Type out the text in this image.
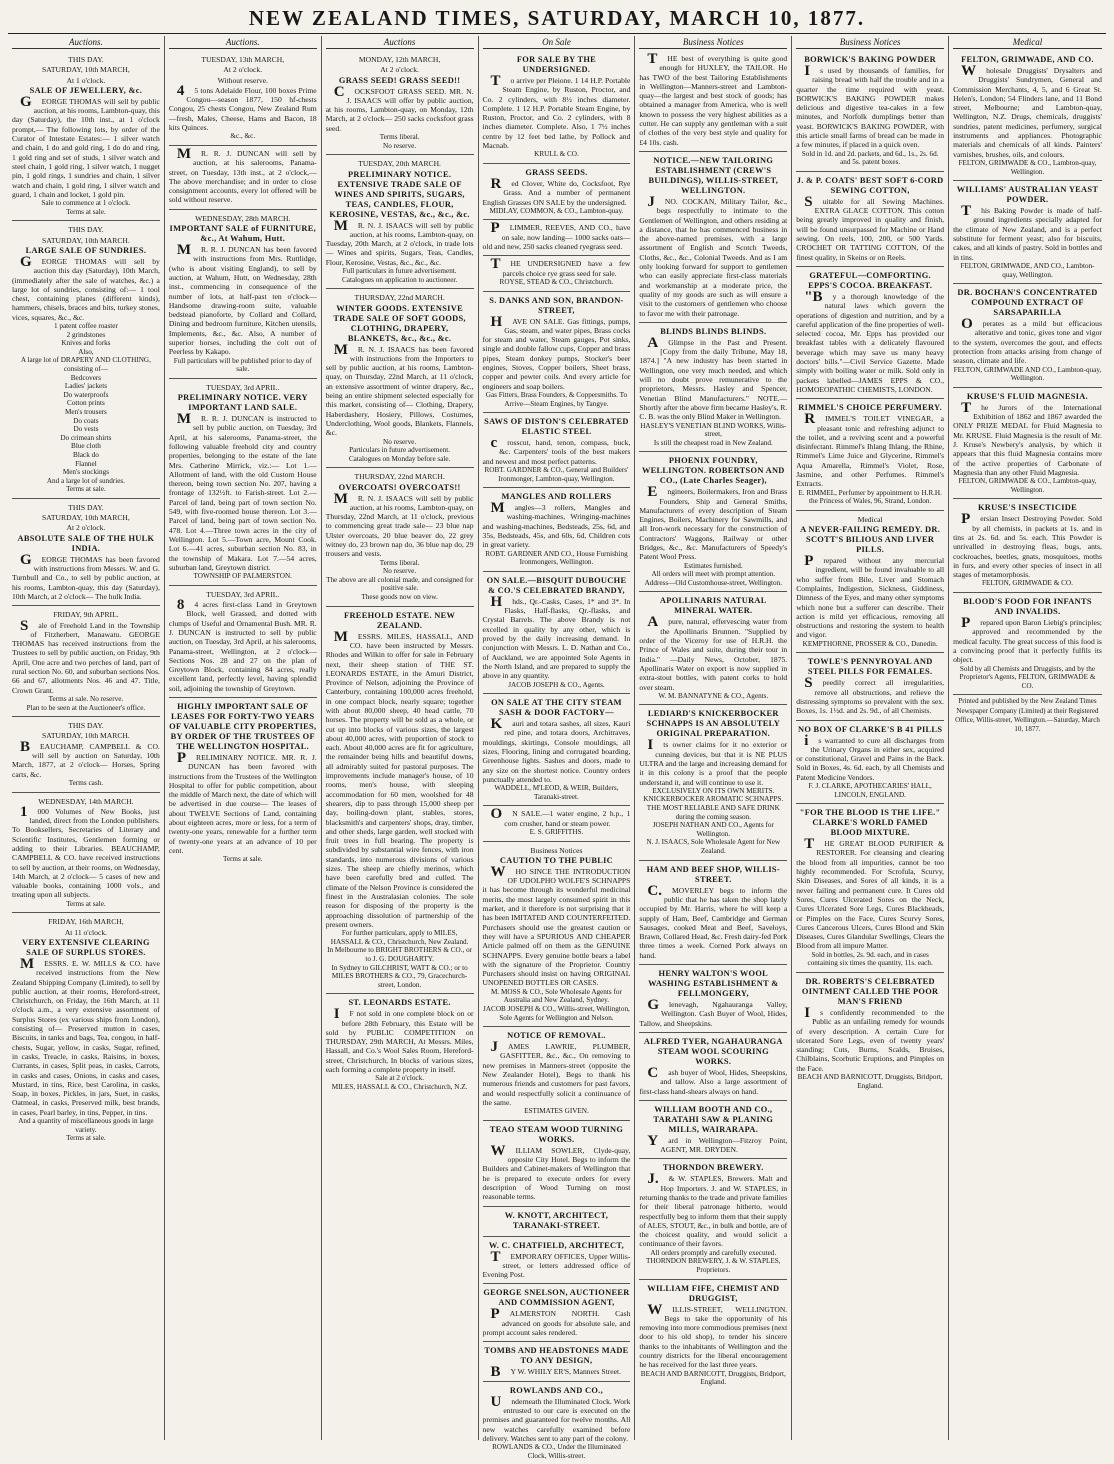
NEW ZEALAND TIMES, SATURDAY, MARCH 10, 1877.
Auctions.
THIS DAY.
SATURDAY, 10th MARCH,
At 1 o'clock.
SALE OF JEWELLERY, &c.
GEORGE THOMAS will sell by public auction, at his rooms, Lambton-quay, this day (Saturday), the 10th inst., at 1 o'clock prompt,— The following lots, by order of the Curator of Intestate Estates:— 1 silver watch and chain, 1 do and gold ring, 1 do do and ring, 1 gold ring and set of studs, 1 silver watch and steel chain, 1 gold ring, 1 silver watch, 1 nugget pin, 1 gold rings, 1 sundries and chain, 1 silver watch and chain, 1 gold ring, 1 silver watch and guard, 1 chain and locket, 1 gold pin.
Sale to commence at 1 o'clock.
Terms at sale.
THIS DAY.
SATURDAY, 10th MARCH.
LARGE SALE OF SUNDRIES.
GEORGE THOMAS will sell by auction this day (Saturday), 10th March, (immediately after the sale of watches, &c.) a large lot of sundries, consisting of:— 1 tool chest, containing planes (different kinds), hammers, chisels, braces and bits, turkey stones, vices, squares, &c., &c.
1 patent coffee roaster
2 grindstones
Knives and forks
Also,
A large lot of DRAPERY AND CLOTHING, consisting of—
Bedcovers
Ladies' jackets
Do waterproofs
Cotton prints
Men's trousers
Do coats
Do vests
Do crimean shirts
Blue cloth
Black do
Flannel
Men's stockings
And a large lot of sundries.
Terms at sale.
THIS DAY.
SATURDAY, 10th MARCH,
At 2 o'clock.
ABSOLUTE SALE OF THE HULK INDIA.
GEORGE THOMAS has been favored with instructions from Messrs. W. and G. Turnbull and Co., to sell by public auction, at his rooms, Lambton-quay, this day (Saturday), 10th March, at 2 o'clock— The hulk India.
FRIDAY, 9th APRIL.
Sale of Freehold Land in the Township of Fitzherbert, Manawatu. GEORGE THOMAS has received instructions from the Trustees to sell by public auction, on Friday, 9th April, One acre and two perches of land, part of rural section No. 60, and suburban sections Nos. 66 and 67, allotments Nos. 46 and 47. Title, Crown Grant.
Terms at sale. No reserve.
Plan to be seen at the Auctioneer's office.
THIS DAY.
SATURDAY, 10th MARCH.
BEAUCHAMP, CAMPBELL & CO. will sell by auction on Saturday, 10th March, 1877, at 2 o'clock— Horses, Spring carts, &c.
Terms cash.
WEDNESDAY, 14th MARCH.
1000 Volumes of New Books, just landed, direct from the London publishers. To Booksellers, Secretaries of Literary and Scientific Institutes, Gentlemen forming or adding to their Libraries. BEAUCHAMP, CAMPBELL & CO. have received instructions to sell by auction, at their rooms, on Wednesday, 14th March, at 2 o'clock— 5 cases of new and valuable books, containing 1000 vols., and treating upon all subjects.
Terms at sale.
FRIDAY, 16th MARCH,
At 11 o'clock.
VERY EXTENSIVE CLEARING SALE OF SURPLUS STORES.
MESSRS. E. W. MILLS & CO. have received instructions from the New Zealand Shipping Company (Limited), to sell by public auction, at their rooms, Hereford-street, Christchurch, on Friday, the 16th March, at 11 o'clock a.m., a very extensive assortment of Surplus Stores (ex various ships from London), consisting of— Preserved mutton in cases, Biscuits, in tanks and bags, Tea, congou, in half-chests, Sugar, yellow, in casks, Sugar, refined, in casks, Treacle, in casks, Raisins, in boxes, Currants, in cases, Split peas, in casks, Carrots, in casks and cases, Onions, in casks and cases, Mustard, in tins, Rice, best Carolina, in casks, Soap, in boxes, Pickles, in jars, Suet, in casks, Oatmeal, in casks, Preserved milk, best brands, in cases, Pearl barley, in tins, Pepper, in tins.
And a quantity of miscellaneous goods in large variety.
Terms at sale.
Auctions.
TUESDAY, 13th MARCH,
At 2 o'clock.
Without reserve.
45 tons Adelaide Flour, 100 boxes Prime Congou—season 1877, 150 hf-chests Congou, 25 chests Congou, New Zealand Rum—fresh, Males, Cheese, Hams and Bacon, 18 kits Quinces.
&c., &c.
MR. R. J. DUNCAN will sell by auction, at his salerooms, Panama-street, on Tuesday, 13th inst., at 2 o'clock,— The above merchandise; and in order to close consignment accounts, every lot offered will be sold without reserve.
WEDNESDAY, 28th MARCH.
IMPORTANT SALE of FURNITURE, &c., At Wahum, Hutt.
MR. R. J. DUNCAN has been favored with instructions from Mrs. Ruttlidge, (who is about visiting England), to sell by auction, at Wahum, Hutt, on Wednesday, 28th inst., commencing in consequence of the number of lots, at half-past ten o'clock— Handsome drawing-room suite, valuable bedstead pianoforte, by Collard and Collard, Dining and bedroom furniture, Kitchen utensils, Implements, &c., &c. Also, A number of superior horses, including the colt out of Peerless by Kakapo.
Full particulars will be published prior to day of sale.
TUESDAY, 3rd APRIL.
PRELIMINARY NOTICE. VERY IMPORTANT LAND SALE.
MR. R. J. DUNCAN is instructed to sell by public auction, on Tuesday, 3rd April, at his salerooms, Panama-street, the following valuable freehold city and country properties, belonging to the estate of the late Mrs. Catherine Mirrick, viz.:— Lot 1.—Allotment of land, with the old Custom House thereon, being town section No. 207, having a frontage of 132½ft. to Farish-street. Lot 2.—Parcel of land, being part of town section No. 549, with five-roomed house thereon. Lot 3.—Parcel of land, being part of town section No. 478. Lot 4.—Three town acres in the city of Wellington. Lot 5.—Town acre, Mount Cook. Lot 6.—41 acres, suburban section No. 83, in the township of Makara. Lot 7.—54 acres, suburban land, Greytown district.
TOWNSHIP OF PALMERSTON.
TUESDAY, 3rd APRIL.
84 acres first-class Land in Greytown Block, well Grassed, and dotted with clumps of Useful and Ornamental Bush. MR. R. J. DUNCAN is instructed to sell by public auction, on Tuesday, 3rd April, at his salerooms, Panama-street, Wellington, at 2 o'clock— Sections Nos. 28 and 27 on the plan of Greytown Block, containing 84 acres, really excellent land, perfectly level, having splendid soil, adjoining the township of Greytown.
HIGHLY IMPORTANT SALE OF LEASES FOR FORTY-TWO YEARS OF VALUABLE CITY PROPERTIES, BY ORDER OF THE TRUSTEES OF THE WELLINGTON HOSPITAL.
PRELIMINARY NOTICE. MR. R. J. DUNCAN has been favored with instructions from the Trustees of the Wellington Hospital to offer for public competition, about the middle of March next, the date of which will be advertised in due course— The leases of about TWELVE Sections of Land, containing about eighteen acres, more or less, for a term of twenty-one years, renewable for a further term of twenty-one years at an advance of 10 per cent.
Terms at sale.
Auctions
MONDAY, 12th MARCH,
At 2 o'clock.
GRASS SEED! GRASS SEED!!
COCKSFOOT GRASS SEED. MR. N. J. ISAACS will offer by public auction, at his rooms, Lambton-quay, on Monday, 12th March, at 2 o'clock— 250 sacks cocksfoot grass seed.
Terms liberal.
No reserve.
TUESDAY, 20th MARCH.
PRELIMINARY NOTICE. EXTENSIVE TRADE SALE OF WINES AND SPIRITS, SUGARS, TEAS, CANDLES, FLOUR, KEROSINE, VESTAS, &c., &c., &c.
MR. N. J. ISAACS will sell by public auction, at his rooms, Lambton-quay, on Tuesday, 20th March, at 2 o'clock, in trade lots— Wines and spirits, Sugars, Teas, Candles, Flour, Kerosine, Vestas, &c., &c., &c.
Full particulars in future advertisement.
Catalogues on application to auctioneer.
THURSDAY, 22nd MARCH.
WINTER GOODS. EXTENSIVE TRADE SALE OF SOFT GOODS, CLOTHING, DRAPERY, BLANKETS, &c., &c., &c.
MR. N. J. ISAACS has been favored with instructions from the Importers to sell by public auction, at his rooms, Lambton-quay, on Thursday, 22nd March, at 11 o'clock, an extensive assortment of winter drapery, &c., being an entire shipment selected especially for this market, consisting of— Clothing, Drapery, Haberdashery, Hosiery, Pillows, Costumes, Underclothing, Wool goods, Blankets, Flannels, &c.
No reserve.
Particulars in future advertisement.
Catalogues on Monday before sale.
THURSDAY, 22nd MARCH.
OVERCOATS! OVERCOATS!!
MR. N. J. ISAACS will sell by public auction, at his rooms, Lambton-quay, on Thursday, 22nd March, at 11 o'clock, previous to commencing great trade sale— 23 blue nap Ulster overcoats, 20 blue beaver do, 22 grey witney do, 23 brown nap do, 36 blue nap do, 29 trousers and vests.
Terms liberal.
No reserve.
The above are all colonial made, and consigned for positive sale.
These goods now on view.
FREEHOLD ESTATE. NEW ZEALAND.
MESSRS. MILES, HASSALL, AND CO. have been instructed by Messrs. Rhodes and Wilkin to offer for sale in February next, their sheep station of THE ST. LEONARDS ESTATE, in the Amuri District, Province of Nelson, adjoining the Province of Canterbury, containing 100,000 acres freehold, in one compact block, nearly square; together with about 80,000 sheep, 40 head cattle, 70 horses. The property will be sold as a whole, or cut up into blocks of various sizes, the largest about 40,000 acres, with proportion of stock to each. About 40,000 acres are fit for agriculture, the remainder being hills and beautiful downs, all admirably suited for pastoral purposes. The improvements include manager's house, of 10 rooms, men's house, with sleeping accommodation for 60 men, woolshed for 48 shearers, dip to pass through 15,000 sheep per day, boiling-down plant, stables, stores, blacksmith's and carpenters' shops, dray, timber, and other sheds, large garden, well stocked with fruit trees in full bearing. The property is subdivided by substantial wire fences, with iron standards, into numerous divisions of various sizes. The sheep are chiefly merinos, which have been carefully bred and culled. The climate of the Nelson Province is considered the finest in the Australasian colonies. The sole reason for disposing of the property is the approaching dissolution of partnership of the present owners.
For further particulars, apply to MILES, HASSALL & CO., Christchurch, New Zealand.
In Melbourne to BRIGHT BROTHERS & CO., or to J. G. DOUGHARTY.
In Sydney to GILCHRIST, WATT & CO.; or to MILES BROTHERS & CO., 79, Gracechurch-street, London.
ST. LEONARDS ESTATE.
IF not sold in one complete block on or before 28th February, this Estate will be sold by PUBLIC COMPETITION on THURSDAY, 29th MARCH, At Messrs. Miles, Hassall, and Co.'s Wool Sales Room, Hereford-street, Christchurch, In blocks of various sizes, each forming a complete property in itself.
Sale at 2 o'clock.
MILES, HASSALL & CO., Christchurch, N.Z.
On Sale
FOR SALE BY THE UNDERSIGNED.
To arrive per Pleione. 1 14 H.P. Portable Steam Engine, by Ruston, Proctor, and Co. 2 cylinders, with 8½ inches diameter. Complete. 1 12 H.P. Portable Steam Engine, by Ruston, Proctor, and Co. 2 cylinders, with 8 inches diameter. Complete. Also, 1 7½ inches centre by 12 feet bed lathe, by Pollock and Macnab.
KRULL & CO.
GRASS SEEDS.
Red Clover, White do, Cocksfoot, Rye Grass. And a number of permanent English Grasses ON SALE by the undersigned.
MIDLAY, COMMON, & CO., Lambton-quay.
PLIMMER, REEVES, AND CO., have on sale, now landing— 1000 sacks oats—old and new, 250 sacks cleaned ryegrass seed.
THE UNDERSIGNED have a few parcels choice rye grass seed for sale.
ROYSE, STEAD & CO., Christchurch.
S. DANKS AND SON, BRANDON-STREET,
HAVE ON SALE. Gas fittings, pumps, Gas, steam, and water pipes, Brass cocks for steam and water, Steam gauges, Pot sinks, single and double fallow cups, Copper and brass pipes, Steam donkey pumps, Stocker's beer engines, Stoves, Copper boilers, Sheet brass, copper and pewter coils. And every article for engineers and soap boilers.
Gas Fitters, Brass Founders, & Coppersmiths. To Arrive—Steam Engines, by Tangye.
SAWS OF DISTON'S CELEBRATED ELASTIC STEEL
crosscut, hand, tenon, compass, buck, &c. Carpenters' tools of the best makers and newest and most perfect patterns.
ROBT. GARDNER & CO., General and Builders' Ironmonger, Lambton-quay, Wellington.
MANGLES AND ROLLERS
Mangles—3 rollers, Mangles and washing-machines, Wringing-machines and washing-machines, Bedsteads, 25s, 6d, and 35s, Bedsteads, 45s, and 60s, 6d, Children cots in great variety.
ROBT. GARDNER AND CO., House Furnishing Ironmongers, Wellington.
ON SALE.—BISQUIT DUBOUCHE & CO.'S CELEBRATED BRANDY,
Hhds., Qr.-Casks, Cases, 1* and 3*. In Flasks, Half-flasks, Qr.-flasks, and Crystal Barrels. The above Brandy is not excelled in quality by any other, which is proved by the daily increasing demand. In conjunction with Messrs. L. D. Nathan and Co., of Auckland, we are appointed Sole Agents in the North Island, and are prepared to supply the above in any quantity.
JACOB JOSEPH & CO., Agents.
ON SALE AT THE CITY STEAM SASH & DOOR FACTORY—
Kauri and totara sashes, all sizes, Kauri red pine, and totara doors, Architraves, mouldings, skirtings, Console mouldings, all sizes, Flooring, lining and corrugated boarding, Greenhouse lights. Sashes and doors, made to any size on the shortest notice. Country orders punctually attended to.
WADDELL, M'LEOD, & WEIR, Builders, Taranaki-street.
ON SALE.—1 water engine, 2 h.p., 1 corn crusher, hand or steam power.
E. S. GRIFFITHS.
Business Notices
CAUTION TO THE PUBLIC
WHO SINCE THE INTRODUCTION OF UDOLPHO WOLFE'S SCHNAPPS it has become through its wonderful medicinal merits, the most largely consumed spirit in this market, and it therefore is not surprising that it has been IMITATED AND COUNTERFEITED. Purchasers should use the greatest caution or they will have a SPURIOUS AND CHEAPER Article palmed off on them as the GENUINE SCHNAPPS. Every genuine bottle bears a label with the signature of the Proprietor. Country Purchasers should insist on having ORIGINAL UNOPENED BOTTLES OR CASES.
M. MOSS & CO., Sole Wholesale Agents for Australia and New Zealand, Sydney.
JACOB JOSEPH & CO., Willis-street, Wellington, Sole Agents for Wellington and Nelson.
NOTICE OF REMOVAL.
JAMES LAWRIE, PLUMBER, GASFITTER, &c., &c., On removing to new premises in Manners-street (opposite the New Zealander Hotel), Begs to thank his numerous friends and customers for past favors, and would respectfully solicit a continuance of the same.
ESTIMATES GIVEN.
TEAO STEAM WOOD TURNING WORKS.
WILLIAM SOWLER, Clyde-quay, opposite City Hotel. Begs to inform the Builders and Cabinet-makers of Wellington that he is prepared to execute orders for every description of Wood Turning on most reasonable terms.
W. KNOTT, ARCHITECT, TARANAKI-STREET.
W. C. CHATFIELD, ARCHITECT,
TEMPORARY OFFICES, Upper Willis-street, or letters addressed office of Evening Post.
GEORGE SNELSON, AUCTIONEER AND COMMISSION AGENT,
PALMERSTON NORTH. Cash advanced on goods for absolute sale, and prompt account sales rendered.
TOMBS AND HEADSTONES MADE TO ANY DESIGN,
BY W. WHILY ER'S, Manners Street.
ROWLANDS AND CO.,
Underneath the Illuminated Clock. Work entrusted to our care is executed on the premises and guaranteed for twelve months. All new watches carefully examined before delivery. Watches sent to any part of the colony.
ROWLANDS & CO., Under the Illuminated Clock, Willis-street.
Business Notices
THE best of everything is quite good enough for HUXLEY, the TAILOR. He has TWO of the best Tailoring Establishments in Wellington—Manners-street and Lambton-quay—the largest and best stock of goods; has obtained a manager from America, who is well known to possess the very highest abilities as a cutter. He can supply any gentleman with a suit of clothes of the very best style and quality for £4 10s. cash.
NOTICE.—NEW TAILORING ESTABLISHMENT (CREW'S BUILDINGS), WILLIS-STREET, WELLINGTON.
JNO. COCKAN, Military Tailor, &c., begs respectfully to intimate to the Gentlemen of Wellington, and others residing at a distance, that he has commenced business in the above-named premises, with a large assortment of English and Scotch Tweeds, Cloths, &c., &c., Colonial Tweeds. And as I am only looking forward for support to gentlemen who can easily appreciate first-class materials and workmanship at a moderate price, the quality of my goods are such as will ensure a visit to the customers of gentlemen who choose to favor me with their patronage.
BLINDS BLINDS BLINDS.
AGlimpse in the Past and Present. [Copy from the daily Tribune, May 18, 1874.] "A new industry has been started in Wellington, one very much needed, and which will no doubt prove remunerative to the proprietors, Messrs. Hasley and Spencer, Venetian Blind Manufacturers." NOTE.—Shortly after the above firm became Hasley's, R. C. B. was the only Blind Maker in Wellington.
HASLEY'S VENETIAN BLIND WORKS, Willis-street,
Is still the cheapest road in New Zealand.
PHOENIX FOUNDRY, WELLINGTON. ROBERTSON AND CO., (Late Charles Seager),
Engineers, Boilermakers, Iron and Brass Founders, Ship and General Smiths, Manufacturers of every description of Steam Engines, Boilers, Machinery for Sawmills, and all Iron-work necessary for the construction of Contractors' Waggons, Railway or other Bridges, &c., &c. Manufacturers of Speedy's Patent Wool Press.
Estimates furnished.
All orders will meet with prompt attention.
Address—Old Customhouse-street, Wellington.
APOLLINARIS NATURAL MINERAL WATER.
Apure, natural, effervescing water from the Apollinaris Brunnen. "Supplied by order of the Viceroy for use of H.R.H. the Prince of Wales and suite, during their tour in India." —Daily News, October, 1875. Apollinaris Water on export is now supplied in extra-stout bottles, with patent corks to hold over steam.
W. M. BANNATYNE & CO., Agents.
LEDIARD'S KNICKERBOCKER SCHNAPPS IS AN ABSOLUTELY ORIGINAL PREPARATION.
Its owner claims for it no exterior or cunning devices, but that it is NE PLUS ULTRA and the large and increasing demand for it in this colony is a proof that the people understand it, and will continue to use it.
EXCLUSIVELY ON ITS OWN MERITS.
KNICKERBOCKER AROMATIC SCHNAPPS.
THE MOST RELIABLE AND SAFE DRINK during the coming season.
JOSEPH NATHAN AND CO., Agents for Wellington.
N. J. ISAACS, Sole Wholesale Agent for New Zealand.
HAM AND BEEF SHOP, WILLIS-STREET.
C.MOVERLEY begs to inform the public that he has taken the shop lately occupied by Mr. Harris, where he will keep a supply of Ham, Beef, Cambridge and German Sausages, cooked Meat and Beef, Saveloys, Brawn, Collared Head, &c. Fresh dairy-fed Pork three times a week. Corned Pork always on hand.
HENRY WALTON'S WOOL WASHING ESTABLISHMENT & FELLMONGERY,
Glenevagh, Ngahauranga Valley, Wellington. Cash Buyer of Wool, Hides, Tallow, and Sheepskins.
ALFRED TYER, NGAHAURANGA STEAM WOOL SCOURING WORKS.
Cash buyer of Wool, Hides, Sheepskins, and tallow. Also a large assortment of first-class hand-shears always on hand.
WILLIAM BOOTH AND CO., TARATAHI SAW & PLANING MILLS, WAIRARAPA.
Yard in Wellington—Fitzroy Point, AGENT, MR. DRYDEN.
THORNDON BREWERY.
J.& W. STAPLES, Brewers. Malt and Hop Importers. J. and W. STAPLES, in returning thanks to the trade and private families for their liberal patronage hitherto, would respectfully beg to inform them that their supply of ALES, STOUT, &c., in bulk and bottle, are of the choicest quality, and would solicit a continuance of their favors.
All orders promptly and carefully executed.
THORNDON BREWERY, J. & W. STAPLES, Proprietors.
WILLIAM FIFE, CHEMIST AND DRUGGIST,
WILLIS-STREET, WELLINGTON. Begs to take the opportunity of his removing into more commodious premises (next door to his old shop), to tender his sincere thanks to the inhabitants of Wellington and the country districts for the liberal encouragement he has received for the last three years.
BEACH AND BARNICOTT, Druggists, Bridport, England.
Business Notices
BORWICK'S BAKING POWDER
Is used by thousands of families, for raising bread with half the trouble and in a quarter the time required with yeast. BORWICK'S BAKING POWDER makes delicious and digestive tea-cakes in a few minutes, and Norfolk dumplings better than yeast. BORWICK'S BAKING POWDER, with this article small farms of bread can be made in a few minutes, if placed in a quick oven.
Sold in 1d. and 2d. packets, and 6d., 1s., 2s. 6d. and 5s. patent boxes.
J. & P. COATS' BEST SOFT 6-CORD SEWING COTTON,
Suitable for all Sewing Machines. EXTRA GLACE COTTON. This cotton being greatly improved in quality and finish, will be found unsurpassed for Machine or Hand sewing. On reels, 100, 200, or 500 Yards. CROCHET OR TATTING COTTON, Of the finest quality, in Skeins or on Reels.
GRATEFUL—COMFORTING. EPPS'S COCOA. BREAKFAST.
"By a thorough knowledge of the natural laws which govern the operations of digestion and nutrition, and by a careful application of the fine properties of well-selected cocoa, Mr. Epps has provided our breakfast tables with a delicately flavoured beverage which may save us many heavy doctors' bills."—Civil Service Gazette. Made simply with boiling water or milk. Sold only in packets labelled—JAMES EPPS & CO., HOMOEOPATHIC CHEMISTS, LONDON.
RIMMEL'S CHOICE PERFUMERY.
RIMMEL'S TOILET VINEGAR, a pleasant tonic and refreshing adjunct to the toilet, and a reviving scent and a powerful disinfectant. Rimmel's Ihlang Ihlang, the Rhine, Rimmel's Lime Juice and Glycerine, Rimmel's Aqua Amarella, Rimmel's Violet, Rose, Jasmine, and other Perfumes. Rimmel's Extracts.
E. RIMMEL, Perfumer by appointment to H.R.H. the Princess of Wales, 96, Strand, London.
Medical
A NEVER-FAILING REMEDY. DR. SCOTT'S BILIOUS AND LIVER PILLS.
Prepared without any mercurial ingredient, will be found invaluable to all who suffer from Bile, Liver and Stomach Complaints, Indigestion, Sickness, Giddiness, Dimness of the Eyes, and many other symptoms which none but a sufferer can describe. Their action is mild yet efficacious, removing all obstructions and restoring the system to health and vigor.
KEMPTHORNE, PROSSER & CO., Dunedin.
TOWLE'S PENNYROYAL AND STEEL PILLS FOR FEMALES.
Speedily correct all irregularities, remove all obstructions, and relieve the distressing symptoms so prevalent with the sex. Boxes, 1s. 1½d. and 2s. 9d., of all Chemists.
NO BOX OF CLARKE'S B 41 PILLS
is warranted to cure all discharges from the Urinary Organs in either sex, acquired or constitutional, Gravel and Pains in the Back. Sold in Boxes, 4s. 6d. each, by all Chemists and Patent Medicine Vendors.
F. J. CLARKE, APOTHECARIES' HALL, LINCOLN, ENGLAND.
"FOR THE BLOOD IS THE LIFE." CLARKE'S WORLD FAMED BLOOD MIXTURE.
THE GREAT BLOOD PURIFIER & RESTORER. For cleansing and clearing the blood from all impurities, cannot be too highly recommended. For Scrofula, Scurvy, Skin Diseases, and Sores of all kinds, it is a never failing and permanent cure. It Cures old Sores, Cures Ulcerated Sores on the Neck, Cures Ulcerated Sore Legs, Cures Blackheads, or Pimples on the Face, Cures Scurvy Sores, Cures Cancerous Ulcers, Cures Blood and Skin Diseases, Cures Glandular Swellings, Clears the Blood from all impure Matter.
Sold in bottles, 2s. 9d. each, and in cases containing six times the quantity, 11s. each.
DR. ROBERTS'S CELEBRATED OINTMENT CALLED THE POOR MAN'S FRIEND
Is confidently recommended to the Public as an unfailing remedy for wounds of every description. A certain Cure for ulcerated Sore Legs, even of twenty years' standing; Cuts, Burns, Scalds, Bruises, Chilblains, Scorbutic Eruptions, and Pimples on the Face.
BEACH AND BARNICOTT, Druggists, Bridport, England.
Medical
FELTON, GRIMWADE, AND CO.
Wholesale Druggists' Drysalters and Druggists' Sundrymen, General and Commission Merchants, 4, 5, and 6 Great St. Helen's, London; 54 Flinders lane, and 11 Bond street, Melbourne; and Lambton-quay, Wellington, N.Z. Drugs, chemicals, druggists' sundries, patent medicines, perfumery, surgical instruments and appliances. Photographic materials and chemicals of all kinds. Painters' varnishes, brushes, oils, and colours.
FELTON, GRIMWADE & CO., Lambton-quay, Wellington.
WILLIAMS' AUSTRALIAN YEAST POWDER.
This Baking Powder is made of half-ground ingredients specially adapted for the climate of New Zealand, and is a perfect substitute for ferment yeast; also for biscuits, cakes, and all kinds of pastry. Sold in bottles and in tins.
FELTON, GRIMWADE, AND CO., Lambton-quay, Wellington.
DR. BOCHAN'S CONCENTRATED COMPOUND EXTRACT OF SARSAPARILLA
Operates as a mild but efficacious alterative and tonic, gives tone and vigor to the system, overcomes the gout, and effects protection from attacks arising from change of season, climate and life.
FELTON, GRIMWADE AND CO., Lambton-quay, Wellington.
KRUSE'S FLUID MAGNESIA.
The Jurors of the International Exhibition of 1862 and 1867 awarded the ONLY PRIZE MEDAL for Fluid Magnesia to Mr. KRUSE. Fluid Magnesia is the result of Mr. J. Kruse's Newbery's analysis, by which it appears that this fluid Magnesia contains more of the active properties of Carbonate of Magnesia than any other Fluid Magnesia.
FELTON, GRIMWADE & CO., Lambton-quay, Wellington.
KRUSE'S INSECTICIDE
Persian Insect Destroying Powder. Sold by all chemists, in packets at 1s. and in tins at 2s. 6d. and 5s. each. This Powder is unrivalled in destroying fleas, bugs, ants, cockroaches, beetles, gnats, mosquitoes, moths in furs, and every other species of insect in all stages of metamorphosis.
FELTON, GRIMWADE & CO.
BLOOD'S FOOD FOR INFANTS AND INVALIDS.
Prepared upon Baron Liebig's principles; approved and recommended by the medical faculty. The great success of this food is a convincing proof that it perfectly fulfils its object.
Sold by all Chemists and Druggists, and by the Proprietor's Agents, FELTON, GRIMWADE & CO.
Printed and published by the New Zealand Times Newspaper Company (Limited) at their Registered Office, Willis-street, Wellington.—Saturday, March 10, 1877.
